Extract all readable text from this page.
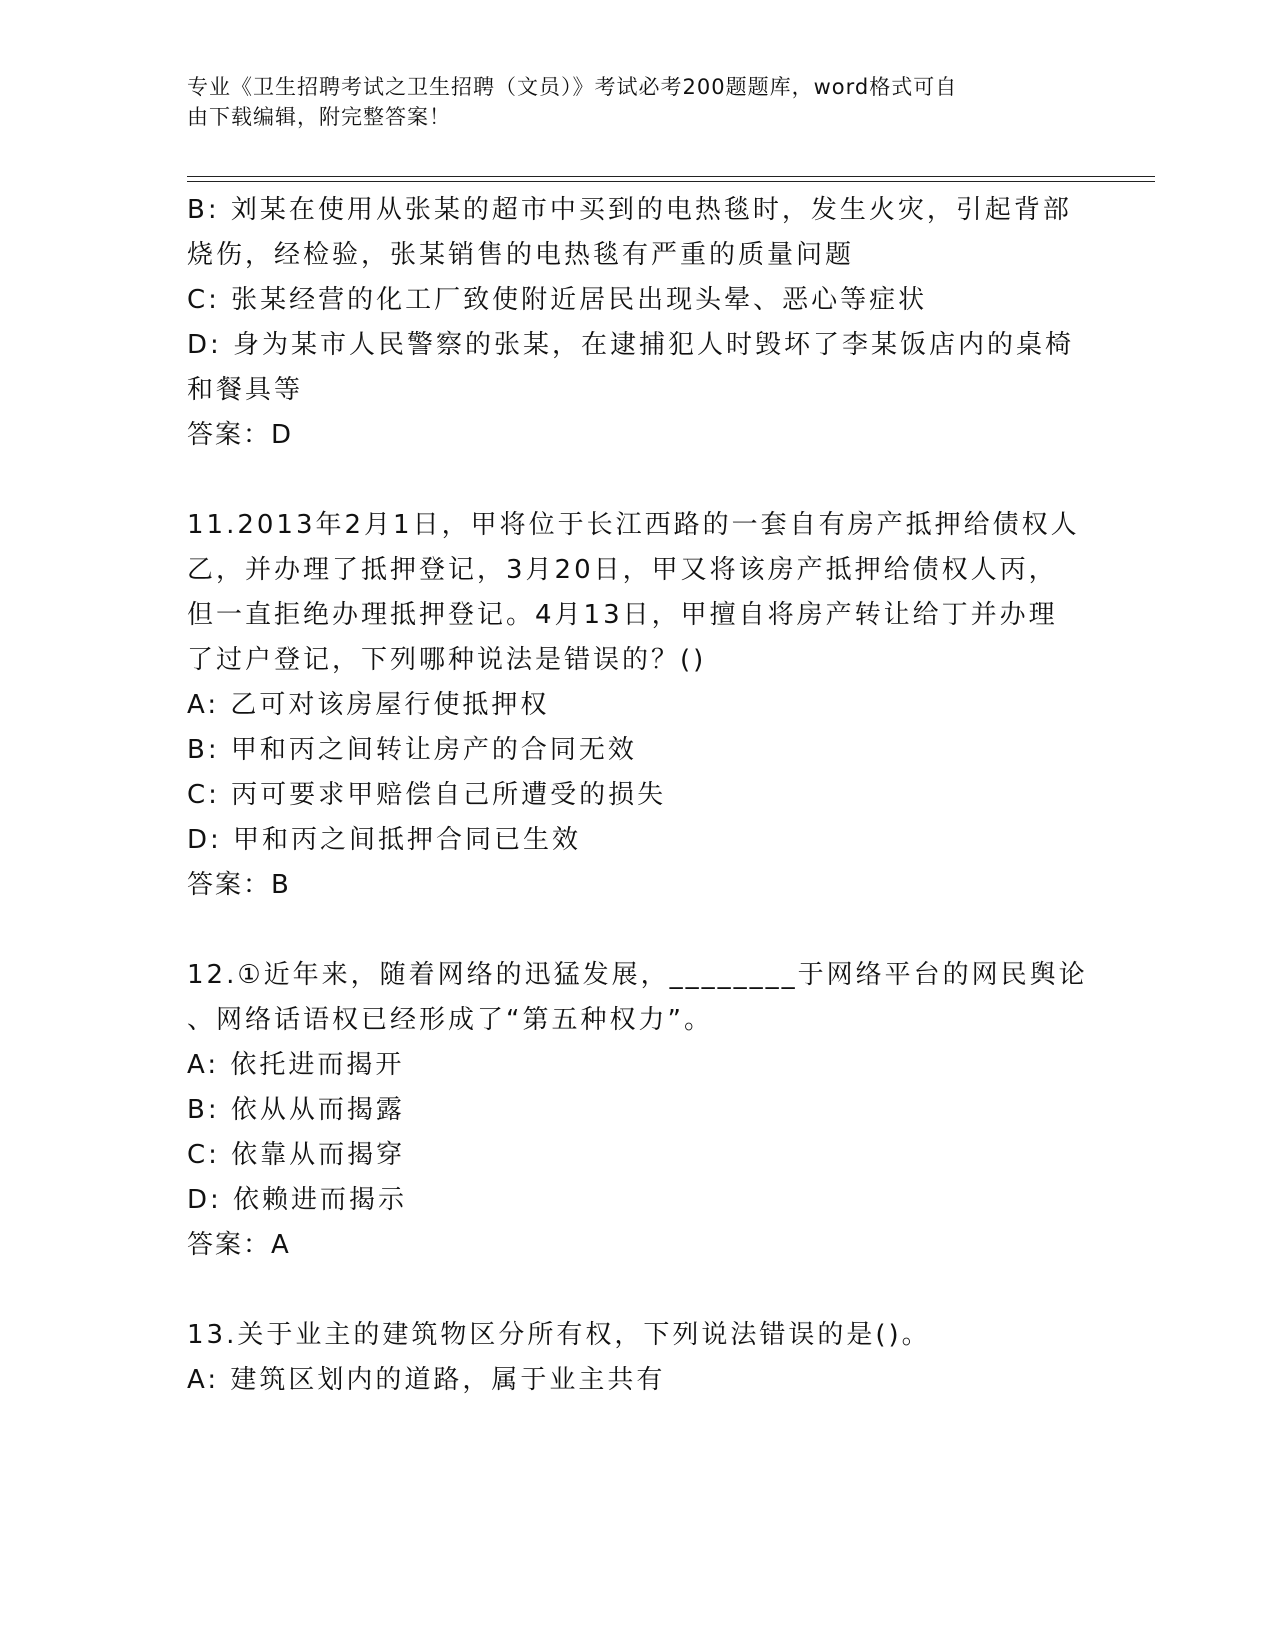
专业《卫生招聘考试之卫生招聘（文员）》考试必考200题题库，word格式可自
由下载编辑，附完整答案！
B: 刘某在使用从张某的超市中买到的电热毯时，发生火灾，引起背部
烧伤，经检验，张某销售的电热毯有严重的质量问题
C: 张某经营的化工厂致使附近居民出现头晕、恶心等症状
D: 身为某市人民警察的张某，在逮捕犯人时毁坏了李某饭店内的桌椅
和餐具等
答案：D
11.2013年2月1日，甲将位于长江西路的一套自有房产抵押给债权人
乙，并办理了抵押登记，3月20日，甲又将该房产抵押给债权人丙，
但一直拒绝办理抵押登记。4月13日，甲擅自将房产转让给丁并办理
了过户登记，下列哪种说法是错误的？()
A: 乙可对该房屋行使抵押权
B: 甲和丙之间转让房产的合同无效
C: 丙可要求甲赔偿自己所遭受的损失
D: 甲和丙之间抵押合同已生效
答案：B
12.①近年来，随着网络的迅猛发展，________于网络平台的网民舆论
、网络话语权已经形成了“第五种权力”。
A: 依托进而揭开
B: 依从从而揭露
C: 依靠从而揭穿
D: 依赖进而揭示
答案：A
13.关于业主的建筑物区分所有权，下列说法错误的是()。
A: 建筑区划内的道路，属于业主共有
